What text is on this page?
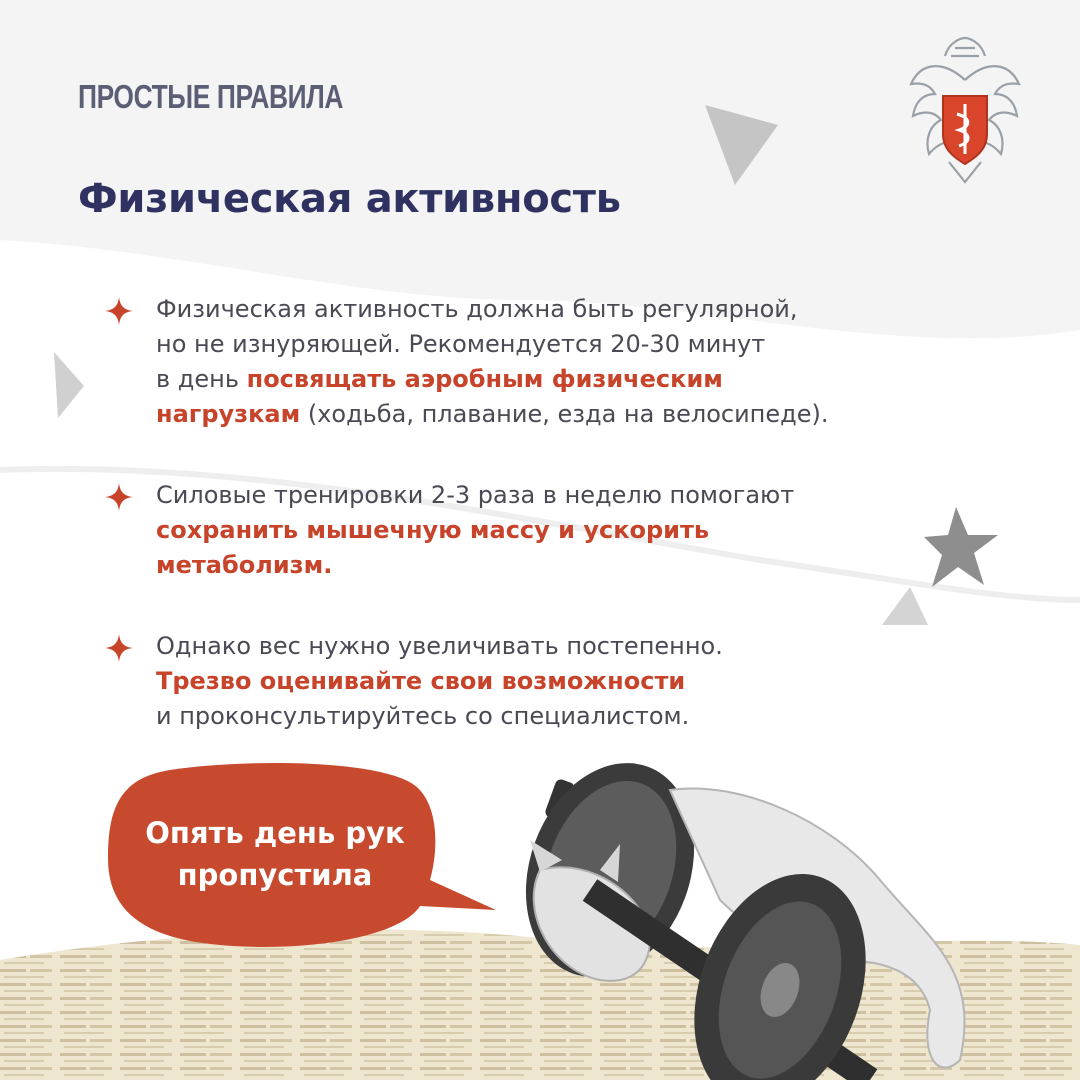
ПРОСТЫЕ ПРАВИЛА

Физическая активность
Физическая активность должна быть регулярной,
но не изнуряющей. Рекомендуется 20-30 минут
в день посвящать аэробным физическим
нагрузкам (ходьба, плавание, езда на велосипеде).
Силовые тренировки 2-3 раза в неделю помогают
сохранить мышечную массу и ускорить
метаболизм.
Однако вес нужно увеличивать постепенно.
Трезво оценивайте свои возможности
и проконсультируйтесь со специалистом.

Опять день рук
пропустила
